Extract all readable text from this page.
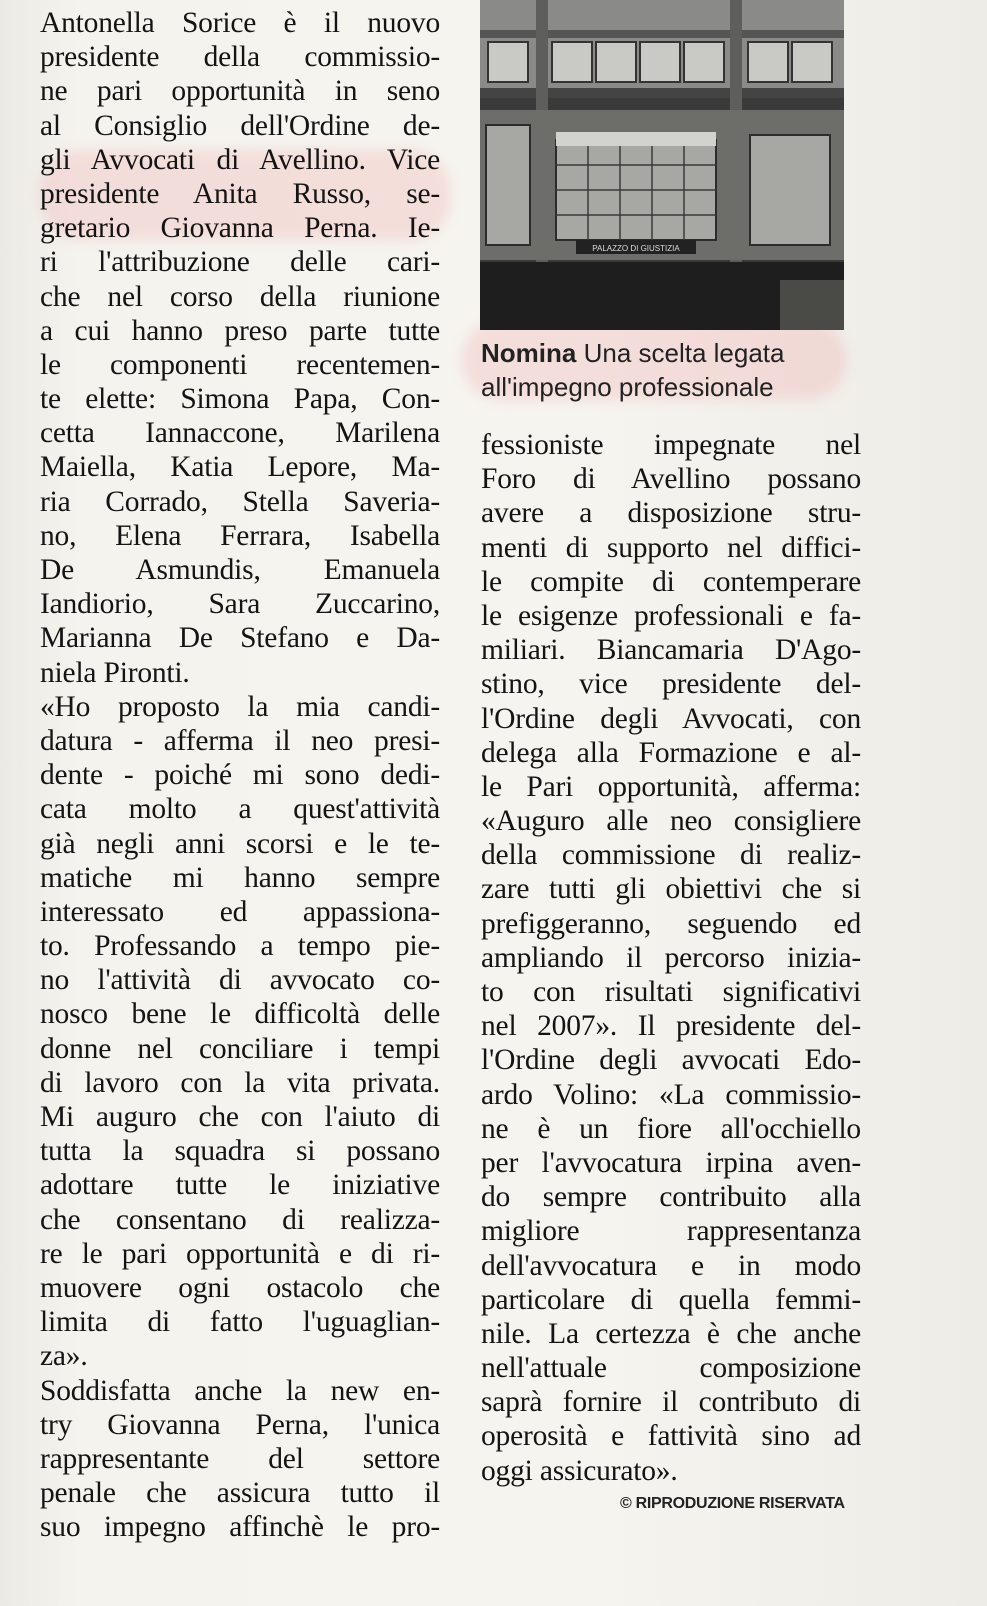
Antonella Sorice è il nuovo
presidente della commissio-
ne pari opportunità in seno
al Consiglio dell'Ordine de-
gli Avvocati di Avellino. Vice
presidente Anita Russo, se-
gretario Giovanna Perna. Ie-
ri l'attribuzione delle cari-
che nel corso della riunione
a cui hanno preso parte tutte
le componenti recentemen-
te elette: Simona Papa, Con-
cetta Iannaccone, Marilena
Maiella, Katia Lepore, Ma-
ria Corrado, Stella Saveria-
no, Elena Ferrara, Isabella
De Asmundis, Emanuela
Iandiorio, Sara Zuccarino,
Marianna De Stefano e Da-
niela Pironti.
«Ho proposto la mia candi-
datura - afferma il neo presi-
dente - poiché mi sono dedi-
cata molto a quest'attività
già negli anni scorsi e le te-
matiche mi hanno sempre
interessato ed appassiona-
to. Professando a tempo pie-
no l'attività di avvocato co-
nosco bene le difficoltà delle
donne nel conciliare i tempi
di lavoro con la vita privata.
Mi auguro che con l'aiuto di
tutta la squadra si possano
adottare tutte le iniziative
che consentano di realizza-
re le pari opportunità e di ri-
muovere ogni ostacolo che
limita di fatto l'uguaglian-
za».
Soddisfatta anche la new en-
try Giovanna Perna, l'unica
rappresentante del settore
penale che assicura tutto il
suo impegno affinchè le pro-
PALAZZO DI GIUSTIZIA
Nomina Una scelta legata all'impegno professionale
fessioniste impegnate nel
Foro di Avellino possano
avere a disposizione stru-
menti di supporto nel diffici-
le compite di contemperare
le esigenze professionali e fa-
miliari. Biancamaria D'Ago-
stino, vice presidente del-
l'Ordine degli Avvocati, con
delega alla Formazione e al-
le Pari opportunità, afferma:
«Auguro alle neo consigliere
della commissione di realiz-
zare tutti gli obiettivi che si
prefiggeranno, seguendo ed
ampliando il percorso inizia-
to con risultati significativi
nel 2007». Il presidente del-
l'Ordine degli avvocati Edo-
ardo Volino: «La commissio-
ne è un fiore all'occhiello
per l'avvocatura irpina aven-
do sempre contribuito alla
migliore rappresentanza
dell'avvocatura e in modo
particolare di quella femmi-
nile. La certezza è che anche
nell'attuale composizione
saprà fornire il contributo di
operosità e fattività sino ad
oggi assicurato».
© RIPRODUZIONE RISERVATA
